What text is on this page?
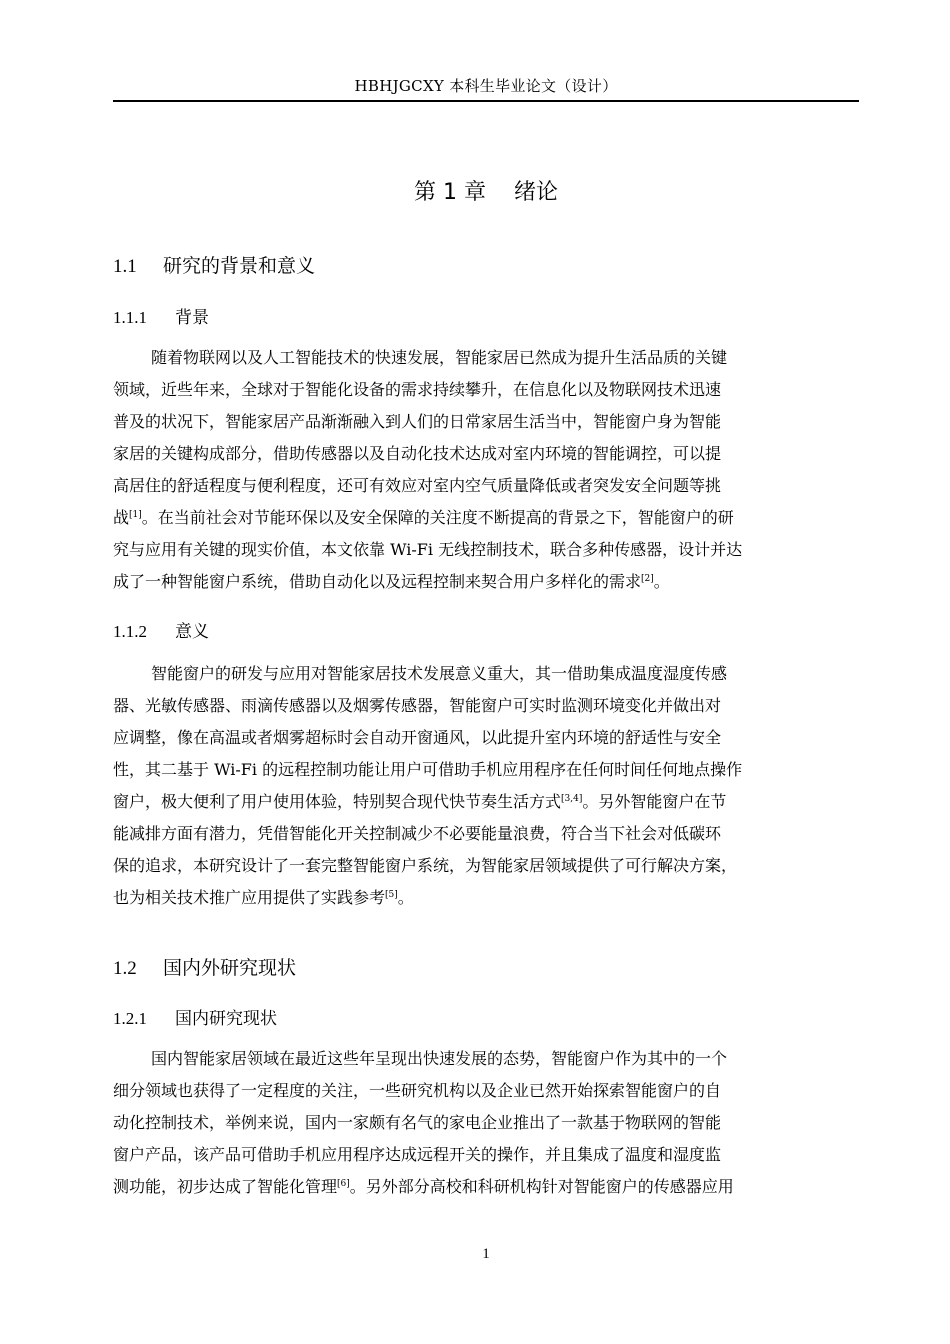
HBHJGCXY 本科生毕业论文（设计）
第 1 章 绪论
1.1 研究的背景和意义
1.1.1 背景
随着物联网以及人工智能技术的快速发展，智能家居已然成为提升生活品质的关键
领域，近些年来，全球对于智能化设备的需求持续攀升，在信息化以及物联网技术迅速
普及的状况下，智能家居产品渐渐融入到人们的日常家居生活当中，智能窗户身为智能
家居的关键构成部分，借助传感器以及自动化技术达成对室内环境的智能调控，可以提
高居住的舒适程度与便利程度，还可有效应对室内空气质量降低或者突发安全问题等挑
战[1]。在当前社会对节能环保以及安全保障的关注度不断提高的背景之下，智能窗户的研
究与应用有关键的现实价值，本文依靠 Wi-Fi 无线控制技术，联合多种传感器，设计并达
成了一种智能窗户系统，借助自动化以及远程控制来契合用户多样化的需求[2]。
1.1.2 意义
智能窗户的研发与应用对智能家居技术发展意义重大，其一借助集成温度湿度传感
器、光敏传感器、雨滴传感器以及烟雾传感器，智能窗户可实时监测环境变化并做出对
应调整，像在高温或者烟雾超标时会自动开窗通风，以此提升室内环境的舒适性与安全
性，其二基于 Wi-Fi 的远程控制功能让用户可借助手机应用程序在任何时间任何地点操作
窗户，极大便利了用户使用体验，特别契合现代快节奏生活方式[3,4]。另外智能窗户在节
能减排方面有潜力，凭借智能化开关控制减少不必要能量浪费，符合当下社会对低碳环
保的追求，本研究设计了一套完整智能窗户系统，为智能家居领域提供了可行解决方案，
也为相关技术推广应用提供了实践参考[5]。
1.2 国内外研究现状
1.2.1 国内研究现状
国内智能家居领域在最近这些年呈现出快速发展的态势，智能窗户作为其中的一个
细分领域也获得了一定程度的关注，一些研究机构以及企业已然开始探索智能窗户的自
动化控制技术，举例来说，国内一家颇有名气的家电企业推出了一款基于物联网的智能
窗户产品，该产品可借助手机应用程序达成远程开关的操作，并且集成了温度和湿度监
测功能，初步达成了智能化管理[6]。另外部分高校和科研机构针对智能窗户的传感器应用
1
